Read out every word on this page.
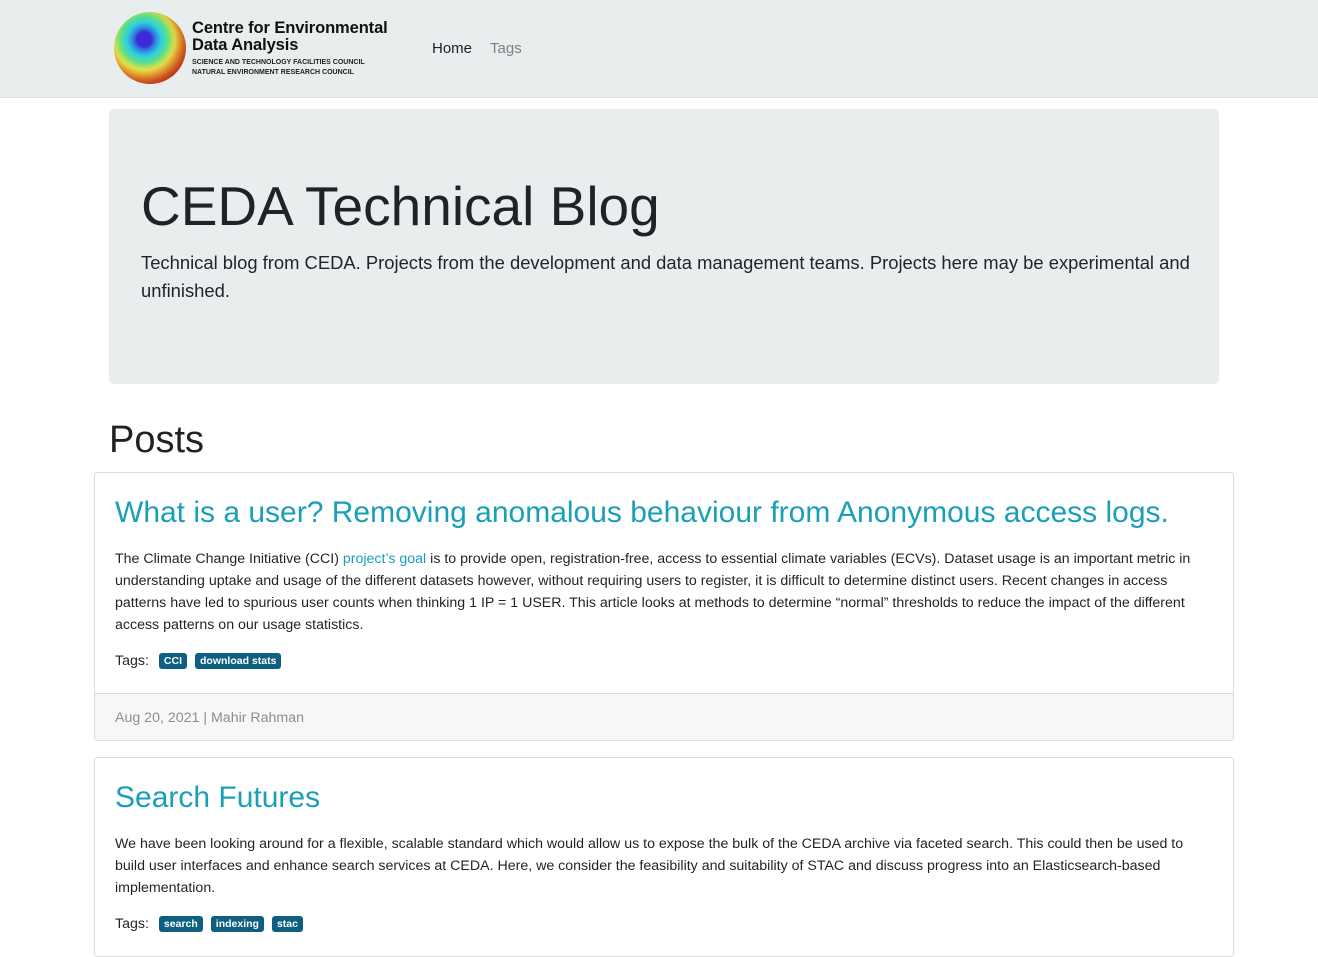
Centre for Environmental Data Analysis
SCIENCE AND TECHNOLOGY FACILITIES COUNCIL
NATURAL ENVIRONMENT RESEARCH COUNCIL
Home Tags
CEDA Technical Blog

Technical blog from CEDA. Projects from the development and data management teams. Projects here may be experimental and unfinished.

Posts
What is a user? Removing anomalous behaviour from Anonymous access logs.

The Climate Change Initiative (CCI) project’s goal is to provide open, registration-free, access to essential climate variables (ECVs). Dataset usage is an important metric in understanding uptake and usage of the different datasets however, without requiring users to register, it is difficult to determine distinct users. Recent changes in access patterns have led to spurious user counts when thinking 1 IP = 1 USER. This article looks at methods to determine “normal” thresholds to reduce the impact of the different access patterns on our usage statistics.

Tags:	CCI	download stats
Aug 20, 2021 | Mahir Rahman
Search Futures

We have been looking around for a flexible, scalable standard which would allow us to expose the bulk of the CEDA archive via faceted search. This could then be used to build user interfaces and enhance search services at CEDA. Here, we consider the feasibility and suitability of STAC and discuss progress into an Elasticsearch-based implementation.

Tags:	search	indexing	stac
